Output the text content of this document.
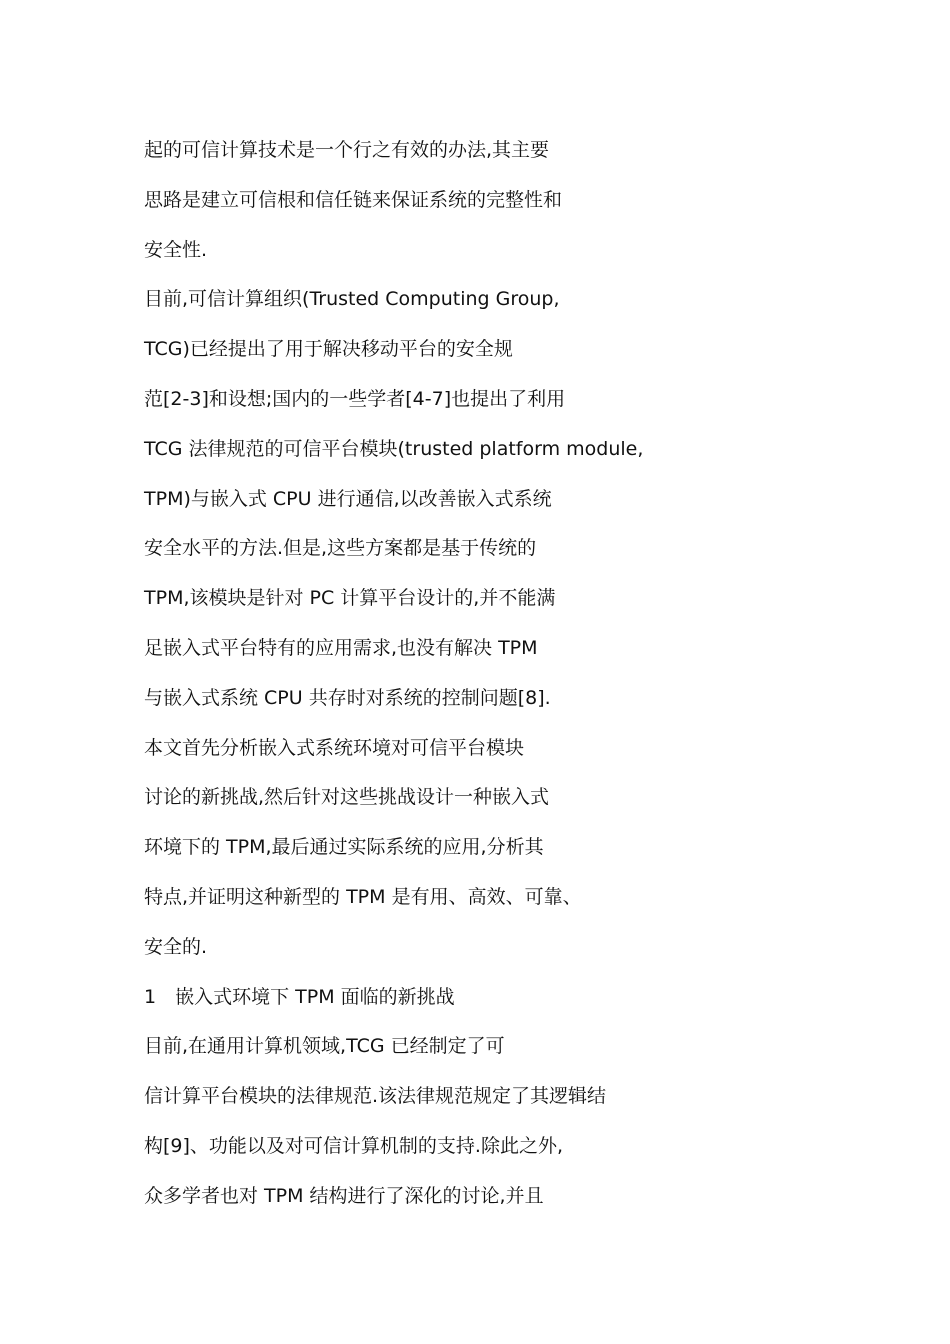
起的可信计算技术是一个行之有效的办法,其主要
思路是建立可信根和信任链来保证系统的完整性和
安全性.
目前,可信计算组织(Trusted Computing Group,
TCG)已经提出了用于解决移动平台的安全规
范[2-3]和设想;国内的一些学者[4-7]也提出了利用
TCG 法律规范的可信平台模块(trusted platform module,
TPM)与嵌入式 CPU 进行通信,以改善嵌入式系统
安全水平的方法.但是,这些方案都是基于传统的
TPM,该模块是针对 PC 计算平台设计的,并不能满
足嵌入式平台特有的应用需求,也没有解决 TPM
与嵌入式系统 CPU 共存时对系统的控制问题[8].
本文首先分析嵌入式系统环境对可信平台模块
讨论的新挑战,然后针对这些挑战设计一种嵌入式
环境下的 TPM,最后通过实际系统的应用,分析其
特点,并证明这种新型的 TPM 是有用、高效、可靠、
安全的.
1　嵌入式环境下 TPM 面临的新挑战
目前,在通用计算机领域,TCG 已经制定了可
信计算平台模块的法律规范.该法律规范规定了其逻辑结
构[9]、功能以及对可信计算机制的支持.除此之外,
众多学者也对 TPM 结构进行了深化的讨论,并且
